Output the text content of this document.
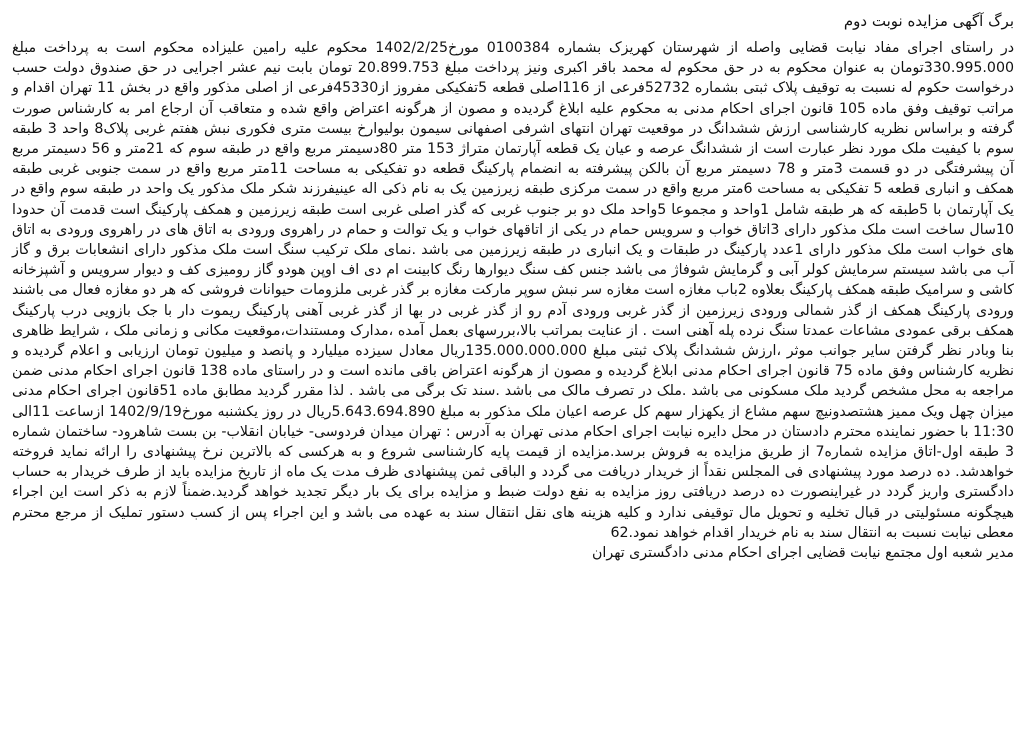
برگ آگهی مزایده نوبت دوم

در راستای اجرای مفاد نیابت قضایی واصله از شهرستان کهریزک بشماره 0100384 مورخ1402/2/25 محکوم علیه رامین علیزاده محکوم است به پرداخت مبلغ 330.995.000تومان به عنوان محکوم به در حق محکوم له محمد باقر اکبری ونیز پرداخت مبلغ 20.899.753 تومان بابت نیم عشر اجرایی در حق صندوق دولت حسب درخواست حکوم له نسبت به توقیف پلاک ثبتی بشماره 52732فرعی از 116اصلی قطعه 5تفکیکی مفروز از45330فرعی از اصلی مذکور واقع در بخش 11 تهران اقدام و مراتب توقیف وفق ماده 105 قانون اجرای احکام مدنی به محکوم علیه ابلاغ گردیده و مصون از هرگونه اعتراض واقع شده و متعاقب آن ارجاع امر به کارشناس صورت گرفته و براساس نظریه کارشناسی ارزش ششدانگ در موقعیت تهران انتهای اشرفی اصفهانی سیمون بولیوارخ بیست متری فکوری نبش هفتم غربی پلاک8 واحد 3 طبقه سوم با کیفیت ملک مورد نظر عبارت است از ششدانگ عرصه و عیان یک قطعه آپارتمان متراژ 153 متر 80دسیمتر مربع واقع در طبقه سوم که 21متر و 56 دسیمتر مربع آن پیشرفتگی در دو قسمت 3متر و 78 دسیمتر مربع آن بالکن پیشرفته به انضمام پارکینگ قطعه دو تفکیکی به مساحت 11متر مربع واقع در سمت جنوبی غربی طبقه همکف و انباری قطعه 5 تفکیکی به مساحت 6متر مربع واقع در سمت مرکزی طبقه زیرزمین یک به نام ذکی اله عینیفرزند شکر ملک مذکور یک واحد در طبقه سوم واقع در یک آپارتمان با 5طبقه که هر طبقه شامل 1واحد و مجموعا 5واحد ملک دو بر جنوب غربی که گذر اصلی غربی است طبقه زیرزمین و همکف پارکینگ است قدمت آن حدودا 10سال ساخت است ملک مذکور دارای 3اتاق خواب و سرویس حمام در یکی از اتاقهای خواب و یک توالت و حمام در راهروی ورودی به اتاق های در راهروی ورودی به اتاق های خواب است ملک مذکور دارای 1عدد پارکینگ در طبقات و یک انباری در طبقه زیرزمین می باشد .نمای ملک ترکیب سنگ است ملک مذکور دارای انشعابات برق و گاز آب می باشد سیستم سرمایش کولر آبی و گرمایش شوفاژ می باشد جنس کف سنگ دیوارها رنگ کابینت ام دی اف اوپن هودو گاز رومیزی کف و دیوار سرویس و آشپزخانه کاشی و سرامیک طبقه همکف پارکینگ بعلاوه 2باب مغازه است مغازه سر نبش سوپر مارکت مغازه بر گذر غربی ملزومات حیوانات فروشی که هر دو مغازه فعال می باشند ورودی پارکینگ همکف از گذر شمالی ورودی زیرزمین از گذر غربی ورودی آدم رو از گذر غربی در بها از گذر غربی آهنی پارکینگ ریموت دار با جک بازویی درب پارکینگ همکف برقی عمودی مشاعات عمدتا سنگ نرده پله آهنی است . از عنایت بمراتب بالا،بررسهای بعمل آمده ،مدارک ومستندات،موقعیت مکانی و زمانی ملک ، شرایط ظاهری بنا وبادر نظر گرفتن سایر جوانب موثر ،ارزش ششدانگ پلاک ثبتی مبلغ 135.000.000.000ریال معادل سیزده میلیارد و پانصد و میلیون تومان ارزیابی و اعلام گردیده و نظریه کارشناس وفق ماده 75 قانون اجرای احکام مدنی ابلاغ گردیده و مصون از هرگونه اعتراض باقی مانده است و در راستای ماده 138 قانون اجرای احکام مدنی ضمن مراجعه به محل مشخص گردید ملک مسکونی می باشد .ملک در تصرف مالک می باشد .سند تک برگی می باشد . لذا مقرر گردید مطابق ماده 51قانون اجرای احکام مدنی میزان چهل ویک ممیز هشتصدونیچ سهم مشاع از یکهزار سهم کل عرصه اعیان ملک مذکور به مبلغ 5.643.694.890ریال در روز یکشنبه مورخ1402/9/19 ازساعت 11الی 11:30 با حضور نماینده محترم دادستان در محل دایره نیابت اجرای احکام مدنی تهران به آدرس : تهران میدان فردوسی- خیابان انقلاب- بن بست شاهرود- ساختمان شماره 3 طبقه اول-اتاق مزایده شماره7 از طریق مزایده به فروش برسد.مزایده از قیمت پایه کارشناسی شروع و به هرکسی که بالاترین نرخ پیشنهادی را ارائه نماید فروخته خواهدشد. ده درصد مورد پیشنهادی فی المجلس نقداً از خریدار دریافت می گردد و الباقی ثمن پیشنهادی ظرف مدت یک ماه از تاریخ مزایده باید از طرف خریدار به حساب دادگستری واریز گردد در غیراینصورت ده درصد دریافتی روز مزایده به نفع دولت ضبط و مزایده برای یک بار دیگر تجدید خواهد گردید.ضمناً لازم به ذکر است این اجراء هیچگونه مسئولیتی در قبال تخلیه و تحویل مال توقیفی ندارد و کلیه هزینه های نقل انتقال سند به عهده می باشد و این اجراء پس از کسب دستور تملیک از مرجع محترم معطی نیابت نسبت به انتقال سند به نام خریدار اقدام خواهد نمود.62

مدیر شعبه اول مجتمع نیابت قضایی اجرای احکام مدنی دادگستری تهران
